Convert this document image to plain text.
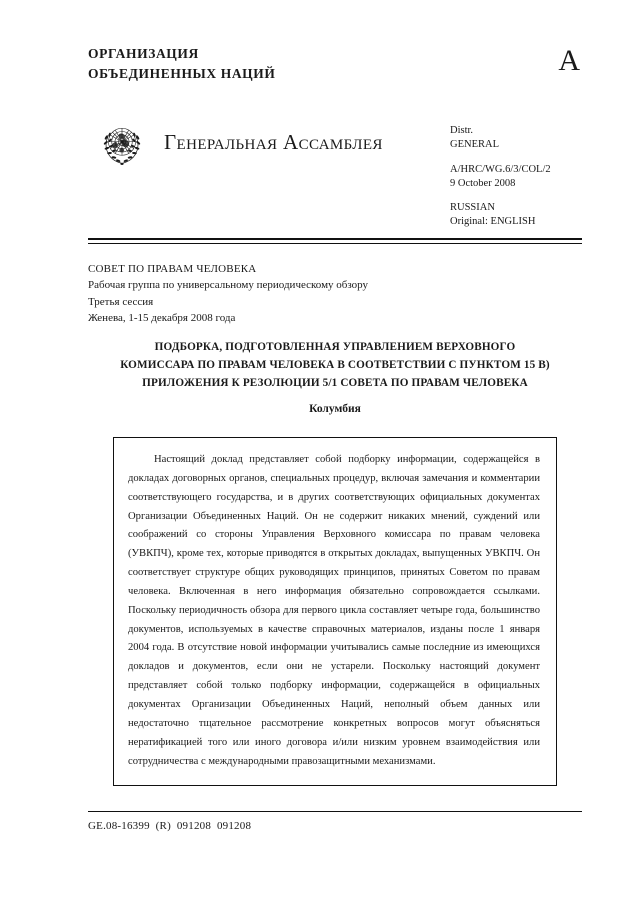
ОРГАНИЗАЦИЯ
ОБЪЕДИНЕННЫХ НАЦИЙ	A
Генеральная Ассамблея	Distr.
GENERAL
A/HRC/WG.6/3/COL/2
9 October 2008
RUSSIAN
Original: ENGLISH
СОВЕТ ПО ПРАВАМ ЧЕЛОВЕКА
Рабочая группа по универсальному периодическому обзору
Третья сессия
Женева, 1-15 декабря 2008 года
ПОДБОРКА, ПОДГОТОВЛЕННАЯ УПРАВЛЕНИЕМ ВЕРХОВНОГО
КОМИССАРА ПО ПРАВАМ ЧЕЛОВЕКА В СООТВЕТСТВИИ С ПУНКТОМ 15 В)
ПРИЛОЖЕНИЯ К РЕЗОЛЮЦИИ 5/1 СОВЕТА ПО ПРАВАМ ЧЕЛОВЕКА
Колумбия

Настоящий доклад представляет собой подборку информации, содержащейся в докладах договорных органов, специальных процедур, включая замечания и комментарии соответствующего государства, и в других соответствующих официальных документах Организации Объединенных Наций. Он не содержит никаких мнений, суждений или соображений со стороны Управления Верховного комиссара по правам человека (УВКПЧ), кроме тех, которые приводятся в открытых докладах, выпущенных УВКПЧ. Он соответствует структуре общих руководящих принципов, принятых Советом по правам человека. Включенная в него информация обязательно сопровождается ссылками. Поскольку периодичность обзора для первого цикла составляет четыре года, большинство документов, используемых в качестве справочных материалов, изданы после 1 января 2004 года. В отсутствие новой информации учитывались самые последние из имеющихся докладов и документов, если они не устарели. Поскольку настоящий документ представляет собой только подборку информации, содержащейся в официальных документах Организации Объединенных Наций, неполный объем данных или недостаточно тщательное рассмотрение конкретных вопросов могут объясняться нератификацией того или иного договора и/или низким уровнем взаимодействия или сотрудничества с международными правозащитными механизмами.

GE.08-16399  (R)  091208  091208
